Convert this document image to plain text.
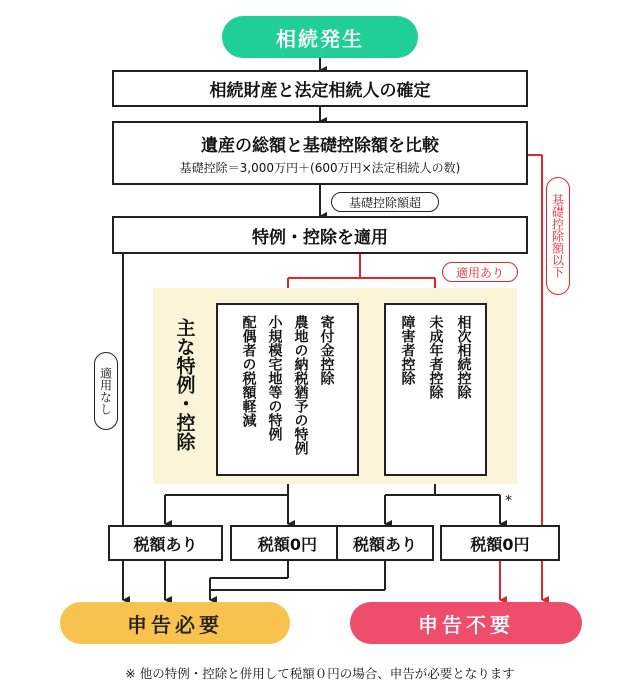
相続発生
相続財産と法定相続人の確定
遺産の総額と基礎控除額を比較
基礎控除＝3,000万円＋(600万円×法定相続人の数)
基礎控除額超	基礎控除額以下
特例・控除を適用
適用あり
適用なし	主な特例・控除	寄付金控除
農地の納税猶予の特例
小規模宅地等の特例
配偶者の税額軽減	相次相続控除
未成年者控除
障害者控除
*
税額あり	税額0円 税額あり	税額0円
申告必要	申告不要
※ 他の特例・控除と併用して税額０円の場合、申告が必要となります
